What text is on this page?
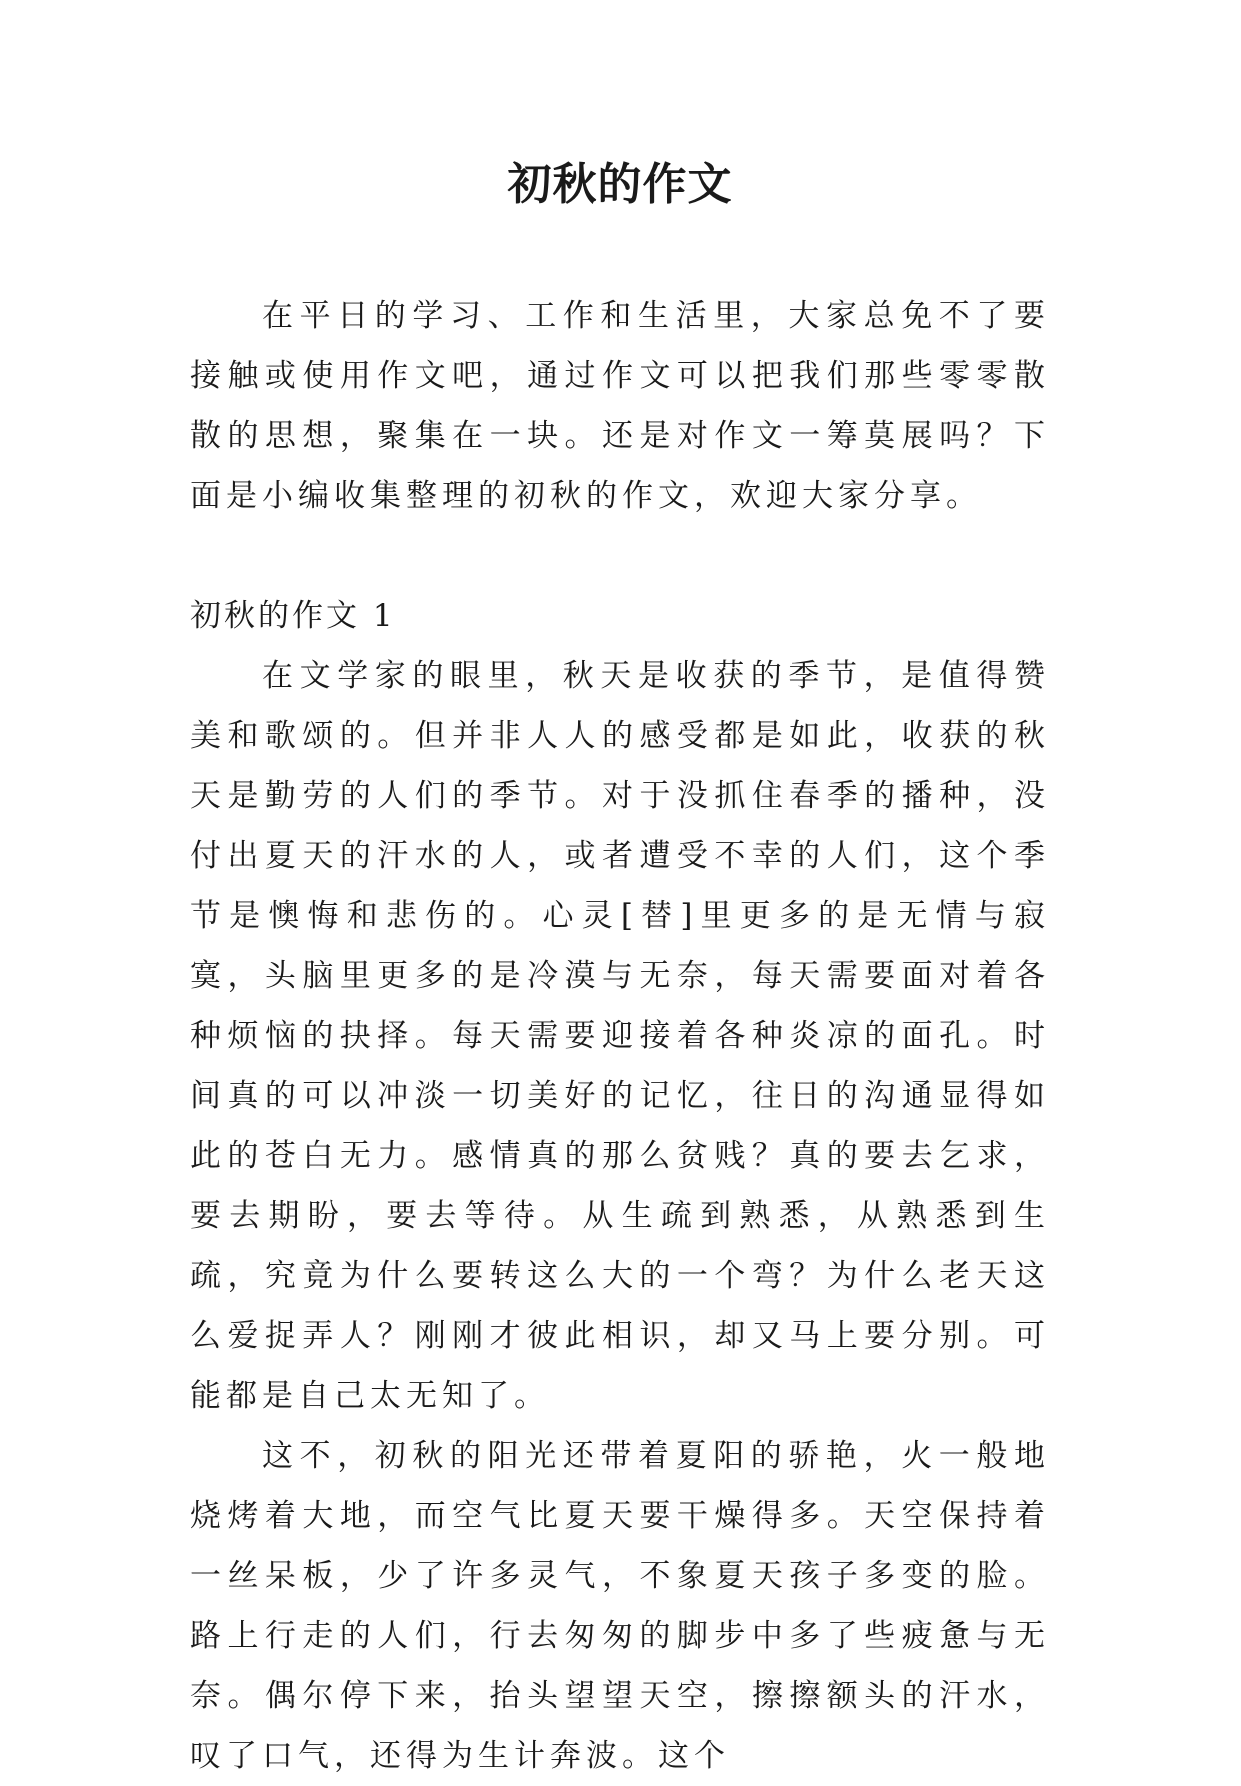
初秋的作文

在平日的学习、工作和生活里，大家总免不了要接触或使用作文吧，通过作文可以把我们那些零零散散的思想，聚集在一块。还是对作文一筹莫展吗？下面是小编收集整理的初秋的作文，欢迎大家分享。

初秋的作文 1

在文学家的眼里，秋天是收获的季节，是值得赞美和歌颂的。但并非人人的感受都是如此，收获的秋天是勤劳的人们的季节。对于没抓住春季的播种，没付出夏天的汗水的人，或者遭受不幸的人们，这个季节是懊悔和悲伤的。心灵[替]里更多的是无情与寂寞，头脑里更多的是冷漠与无奈，每天需要面对着各种烦恼的抉择。每天需要迎接着各种炎凉的面孔。时间真的可以冲淡一切美好的记忆，往日的沟通显得如此的苍白无力。感情真的那么贫贱？真的要去乞求，要去期盼，要去等待。从生疏到熟悉，从熟悉到生疏，究竟为什么要转这么大的一个弯？为什么老天这么爱捉弄人？刚刚才彼此相识，却又马上要分别。可能都是自己太无知了。

这不，初秋的阳光还带着夏阳的骄艳，火一般地烧烤着大地，而空气比夏天要干燥得多。天空保持着一丝呆板，少了许多灵气，不象夏天孩子多变的脸。路上行走的人们，行去匆匆的脚步中多了些疲惫与无奈。偶尔停下来，抬头望望天空，擦擦额头的汗水，叹了口气，还得为生计奔波。这个
